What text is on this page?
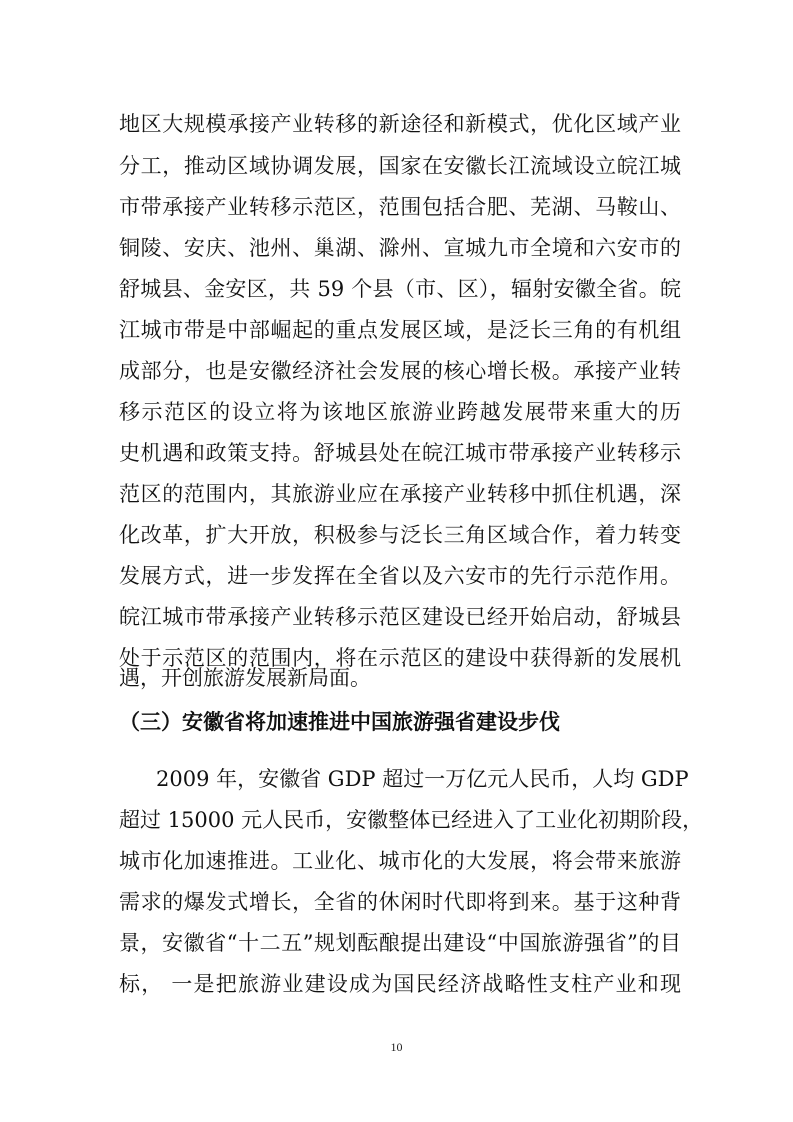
地区大规模承接产业转移的新途径和新模式，优化区域产业
分工，推动区域协调发展，国家在安徽长江流域设立皖江城
市带承接产业转移示范区，范围包括合肥、芜湖、马鞍山、
铜陵、安庆、池州、巢湖、滁州、宣城九市全境和六安市的
舒城县、金安区，共 59 个县（市、区），辐射安徽全省。皖
江城市带是中部崛起的重点发展区域，是泛长三角的有机组
成部分，也是安徽经济社会发展的核心增长极。承接产业转
移示范区的设立将为该地区旅游业跨越发展带来重大的历
史机遇和政策支持。舒城县处在皖江城市带承接产业转移示
范区的范围内，其旅游业应在承接产业转移中抓住机遇，深
化改革，扩大开放，积极参与泛长三角区域合作，着力转变
发展方式，进一步发挥在全省以及六安市的先行示范作用。
皖江城市带承接产业转移示范区建设已经开始启动，舒城县
处于示范区的范围内，将在示范区的建设中获得新的发展机
遇，开创旅游发展新局面。
（三）安徽省将加速推进中国旅游强省建设步伐
2009 年，安徽省 GDP 超过一万亿元人民币，人均 GDP
超过 15000 元人民币，安徽整体已经进入了工业化初期阶段，
城市化加速推进。工业化、城市化的大发展，将会带来旅游
需求的爆发式增长，全省的休闲时代即将到来。基于这种背
景，安徽省“十二五”规划酝酿提出建设“中国旅游强省”的目
标， 一是把旅游业建设成为国民经济战略性支柱产业和现
10
